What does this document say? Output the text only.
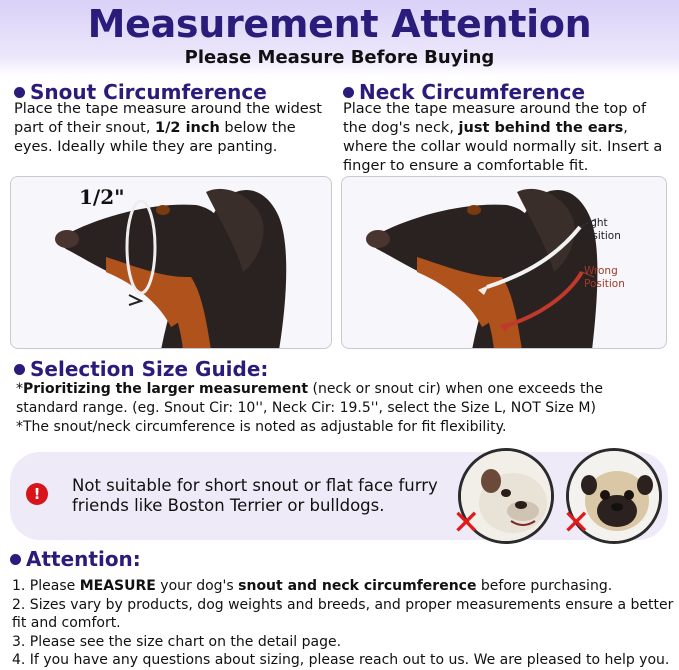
Measurement Attention
Please Measure Before Buying
Snout Circumference
Place the tape measure around the widest part of their snout, 1/2 inch below the eyes. Ideally while they are panting.
1/2"
Neck Circumference
Place the tape measure around the top of the dog's neck, just behind the ears, where the collar would normally sit. Insert a finger to ensure a comfortable fit.
Right
Position
Wrong
Position
Selection Size Guide:
*Prioritizing the larger measurement (neck or snout cir) when one exceeds the standard range. (eg. Snout Cir: 10'', Neck Cir: 19.5'', select the Size L, NOT Size M)
*The snout/neck circumference is noted as adjustable for fit flexibility.
!	Not suitable for short snout or flat face furry friends like Boston Terrier or bulldogs.	✕ ✕
Attention:
1. Please MEASURE your dog's snout and neck circumference before purchasing.
2. Sizes vary by products, dog weights and breeds, and proper measurements ensure a better fit and comfort.
3. Please see the size chart on the detail page.
4. If you have any questions about sizing, please reach out to us. We are pleased to help you.
